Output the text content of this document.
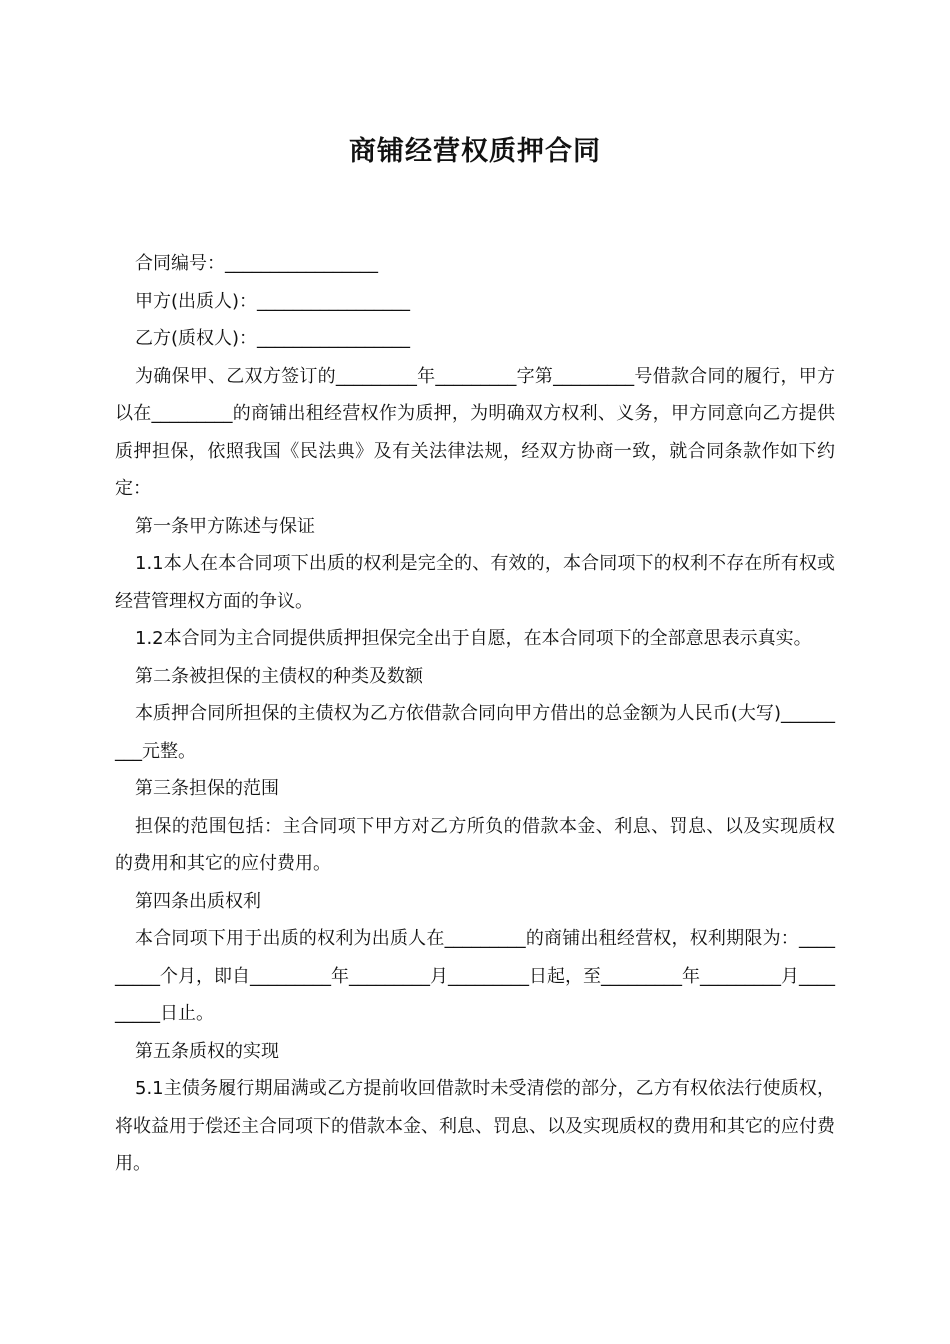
商铺经营权质押合同

合同编号：_________________

甲方(出质人)：_________________

乙方(质权人)：_________________

为确保甲、乙双方签订的_________年_________字第_________号借款合同的履行，甲方以在_________的商铺出租经营权作为质押，为明确双方权利、义务，甲方同意向乙方提供质押担保，依照我国《民法典》及有关法律法规，经双方协商一致，就合同条款作如下约定：

第一条甲方陈述与保证

1.1本人在本合同项下出质的权利是完全的、有效的，本合同项下的权利不存在所有权或经营管理权方面的争议。

1.2本合同为主合同提供质押担保完全出于自愿，在本合同项下的全部意思表示真实。

第二条被担保的主债权的种类及数额

本质押合同所担保的主债权为乙方依借款合同向甲方借出的总金额为人民币(大写)_________元整。

第三条担保的范围

担保的范围包括：主合同项下甲方对乙方所负的借款本金、利息、罚息、以及实现质权的费用和其它的应付费用。

第四条出质权利

本合同项下用于出质的权利为出质人在_________的商铺出租经营权，权利期限为：_________个月，即自_________年_________月_________日起，至_________年_________月_________日止。

第五条质权的实现

5.1主债务履行期届满或乙方提前收回借款时未受清偿的部分，乙方有权依法行使质权，将收益用于偿还主合同项下的借款本金、利息、罚息、以及实现质权的费用和其它的应付费用。
